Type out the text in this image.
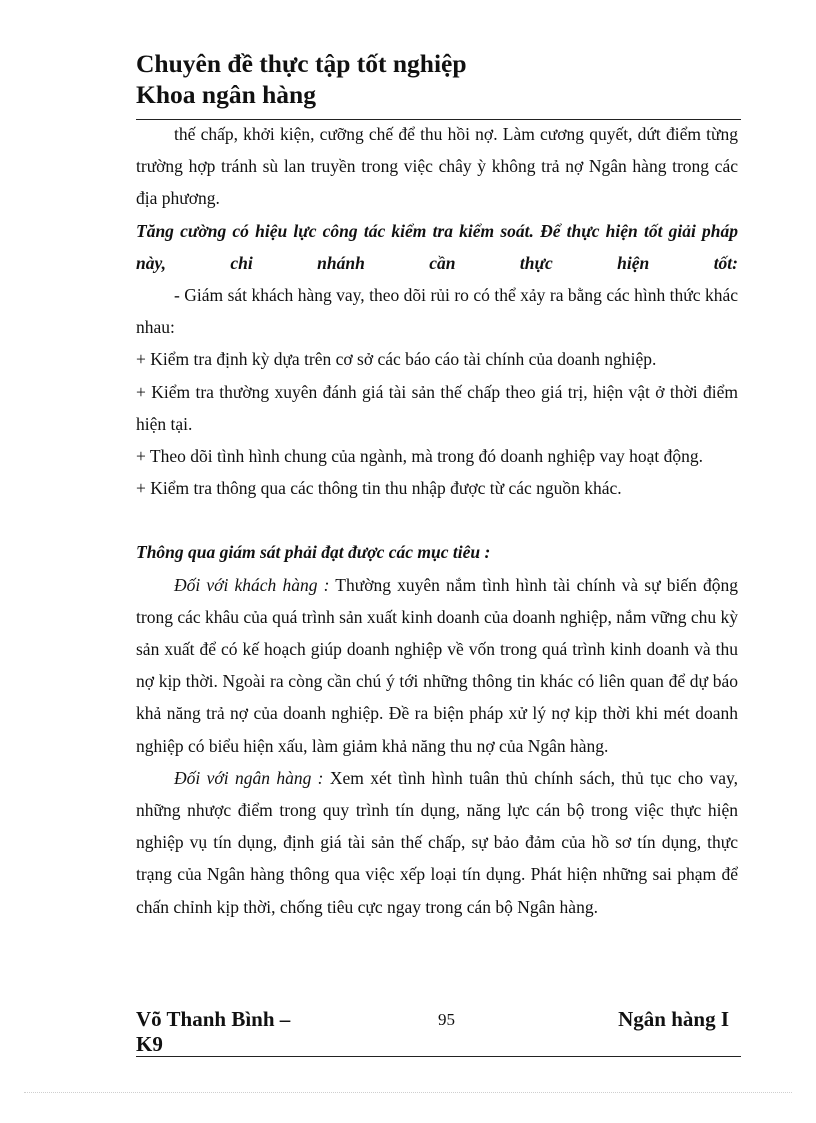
Chuyên đề thực tập tốt nghiệp
Khoa ngân hàng

thế chấp, khởi kiện, cưỡng chế để thu hồi nợ. Làm cương quyết, dứt điểm từng trường hợp tránh sù lan truyền trong việc chây ỳ không trả nợ Ngân hàng trong các địa phương.

Tăng cường có hiệu lực công tác kiểm tra kiểm soát. Để thực hiện tốt giải pháp này, chi nhánh cần thực hiện tốt:

- Giám sát khách hàng vay, theo dõi rủi ro có thể xảy ra bằng các hình thức khác nhau:

+ Kiểm tra định kỳ dựa trên cơ sở các báo cáo tài chính của doanh nghiệp.

+ Kiểm tra thường xuyên đánh giá tài sản thế chấp theo giá trị, hiện vật ở thời điểm hiện tại.

+ Theo dõi tình hình chung của ngành, mà trong đó doanh nghiệp vay hoạt động.

+ Kiểm tra thông qua các thông tin thu nhập được từ các nguồn khác.

Thông qua giám sát phải đạt được các mục tiêu :

Đối với khách hàng : Thường xuyên nắm tình hình tài chính và sự biến động trong các khâu của quá trình sản xuất kinh doanh của doanh nghiệp, nắm vững chu kỳ sản xuất để có kế hoạch giúp doanh nghiệp về vốn trong quá trình kinh doanh và thu nợ kịp thời. Ngoài ra còng cần chú ý tới những thông tin khác có liên quan để dự báo khả năng trả nợ của doanh nghiệp. Đề ra biện pháp xử lý nợ kịp thời khi mét doanh nghiệp có biểu hiện xấu, làm giảm khả năng thu nợ của Ngân hàng.

Đối với ngân hàng : Xem xét tình hình tuân thủ chính sách, thủ tục cho vay, những nhược điểm trong quy trình tín dụng, năng lực cán bộ trong việc thực hiện nghiệp vụ tín dụng, định giá tài sản thế chấp, sự bảo đảm của hồ sơ tín dụng, thực trạng của Ngân hàng thông qua việc xếp loại tín dụng. Phát hiện những sai phạm để chấn chỉnh kịp thời, chống tiêu cực ngay trong cán bộ Ngân hàng.

Võ Thanh Bình – K9
95	Ngân hàng I
